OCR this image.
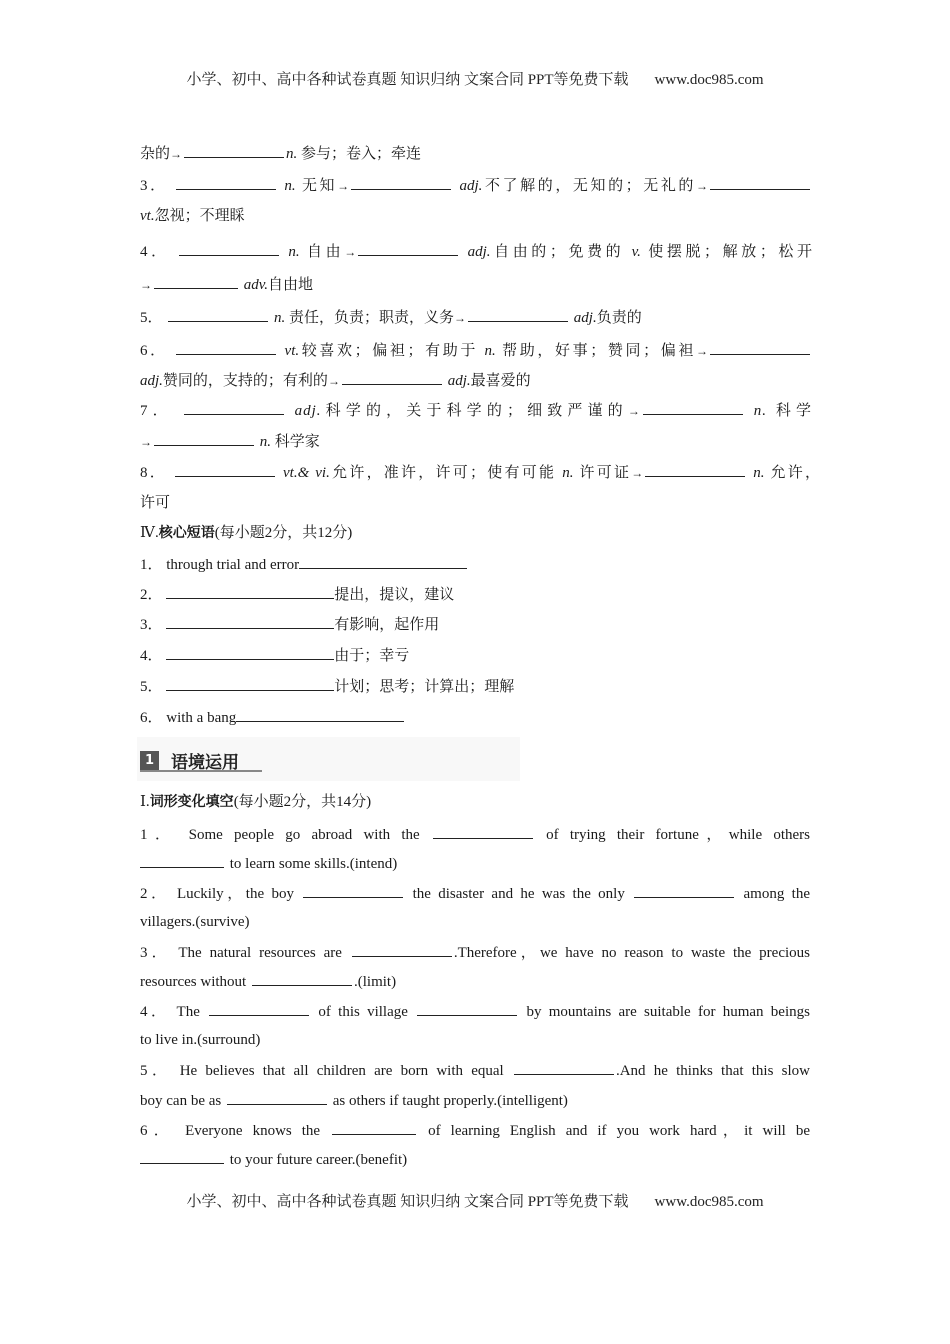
小学、初中、高中各种试卷真题 知识归纳 文案合同 PPT等免费下载 www.doc985.com
杂的→	n. 参与；卷入；牵连
3．	n. 无知→	adj.不了解的，无知的；无礼的→
vt.忽视；不理睬
4．	n. 自由→	adj.自由的；免费的 v. 使摆脱；解放；松开
→	adv.自由地
5．	n. 责任，负责；职责，义务→	adj.负责的
6．	vt.较喜欢；偏袒；有助于 n. 帮助，好事；赞同；偏袒→
adj.赞同的，支持的；有利的→	adj.最喜爱的
7．	adj.科学的，关于科学的；细致严谨的→	n. 科学
→	n. 科学家
8．	vt.& vi.允许，准许，许可；使有可能 n. 许可证→	n. 允许，
许可
Ⅳ.核心短语(每小题2分，共12分)
1． through trial and error
2．	提出，提议，建议
3．	有影响，起作用
4．	由于；幸亏
5．	计划；思考；计算出；理解
6． with a bang
1 语境运用
Ⅰ.词形变化填空(每小题2分，共14分)
1． Some people go abroad with the	of trying their fortune，while others
to learn some skills.(intend)
2． Luckily，the boy	the disaster and he was the only	among the
villagers.(survive)
3． The natural resources are	.Therefore，we have no reason to waste the precious
resources without	.(limit)
4． The	of this village	by mountains are suitable for human beings
to live in.(surround)
5． He believes that all children are born with equal	.And he thinks that this slow
boy can be as	as others if taught properly.(intelligent)
6． Everyone knows the	of learning English and if you work hard，it will be
to your future career.(benefit)
小学、初中、高中各种试卷真题 知识归纳 文案合同 PPT等免费下载 www.doc985.com
